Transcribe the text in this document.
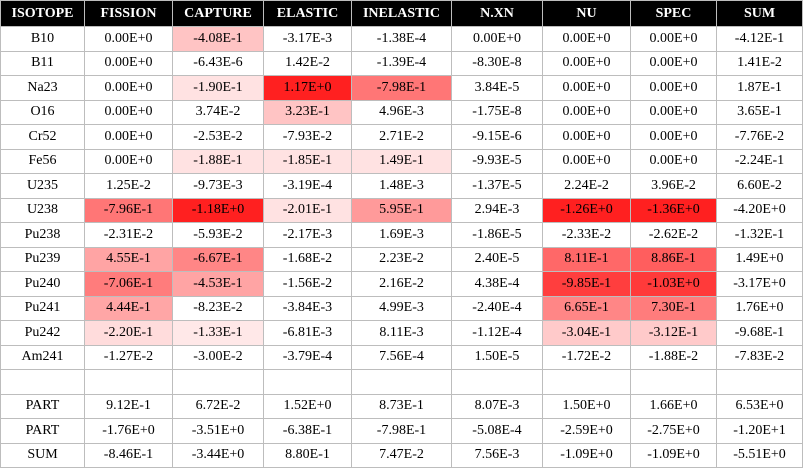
ISOTOPE	FISSION	CAPTURE	ELASTIC	INELASTIC	N.XN	NU	SPEC	SUM
B10	0.00E+0	-4.08E-1	-3.17E-3	-1.38E-4	0.00E+0	0.00E+0	0.00E+0	-4.12E-1
B11	0.00E+0	-6.43E-6	1.42E-2	-1.39E-4	-8.30E-8	0.00E+0	0.00E+0	1.41E-2
Na23	0.00E+0	-1.90E-1	1.17E+0	-7.98E-1	3.84E-5	0.00E+0	0.00E+0	1.87E-1
O16	0.00E+0	3.74E-2	3.23E-1	4.96E-3	-1.75E-8	0.00E+0	0.00E+0	3.65E-1
Cr52	0.00E+0	-2.53E-2	-7.93E-2	2.71E-2	-9.15E-6	0.00E+0	0.00E+0	-7.76E-2
Fe56	0.00E+0	-1.88E-1	-1.85E-1	1.49E-1	-9.93E-5	0.00E+0	0.00E+0	-2.24E-1
U235	1.25E-2	-9.73E-3	-3.19E-4	1.48E-3	-1.37E-5	2.24E-2	3.96E-2	6.60E-2
U238	-7.96E-1	-1.18E+0	-2.01E-1	5.95E-1	2.94E-3	-1.26E+0	-1.36E+0	-4.20E+0
Pu238	-2.31E-2	-5.93E-2	-2.17E-3	1.69E-3	-1.86E-5	-2.33E-2	-2.62E-2	-1.32E-1
Pu239	4.55E-1	-6.67E-1	-1.68E-2	2.23E-2	2.40E-5	8.11E-1	8.86E-1	1.49E+0
Pu240	-7.06E-1	-4.53E-1	-1.56E-2	2.16E-2	4.38E-4	-9.85E-1	-1.03E+0	-3.17E+0
Pu241	4.44E-1	-8.23E-2	-3.84E-3	4.99E-3	-2.40E-4	6.65E-1	7.30E-1	1.76E+0
Pu242	-2.20E-1	-1.33E-1	-6.81E-3	8.11E-3	-1.12E-4	-3.04E-1	-3.12E-1	-9.68E-1
Am241	-1.27E-2	-3.00E-2	-3.79E-4	7.56E-4	1.50E-5	-1.72E-2	-1.88E-2	-7.83E-2

PART	9.12E-1	6.72E-2	1.52E+0	8.73E-1	8.07E-3	1.50E+0	1.66E+0	6.53E+0
PART	-1.76E+0	-3.51E+0	-6.38E-1	-7.98E-1	-5.08E-4	-2.59E+0	-2.75E+0	-1.20E+1
SUM	-8.46E-1	-3.44E+0	8.80E-1	7.47E-2	7.56E-3	-1.09E+0	-1.09E+0	-5.51E+0
